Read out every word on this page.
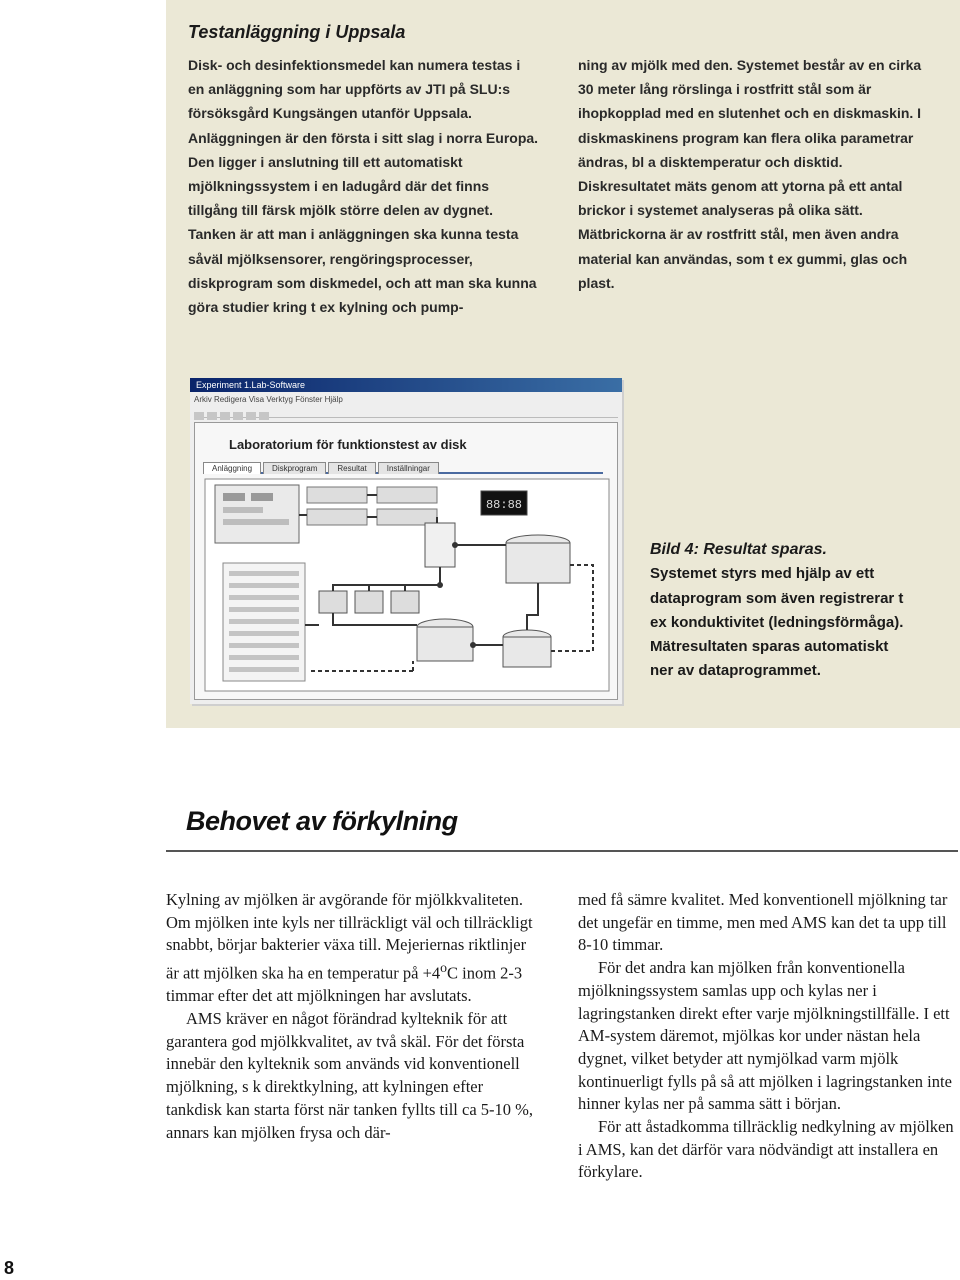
Testanläggning i Uppsala

Disk- och desinfektionsmedel kan numera testas i en anläggning som har uppförts av JTI på SLU:s försöksgård Kungsängen utanför Uppsala. Anläggningen är den första i sitt slag i norra Europa. Den ligger i anslutning till ett automatiskt mjölkningssystem i en ladugård där det finns tillgång till färsk mjölk större delen av dygnet. Tanken är att man i anläggningen ska kunna testa såväl mjölksensorer, rengöringsprocesser, diskprogram som diskmedel, och att man ska kunna göra studier kring t ex kylning och pump-

ning av mjölk med den. Systemet består av en cirka 30 meter lång rörslinga i rostfritt stål som är ihopkopplad med en slutenhet och en diskmaskin. I diskmaskinens program kan flera olika parametrar ändras, bl a disktemperatur och disktid. Diskresultatet mäts genom att ytorna på ett antal brickor i systemet analyseras på olika sätt. Mätbrickorna är av rostfritt stål, men även andra material kan användas, som t ex gummi, glas och plast.

Experiment 1.Lab-Software
Arkiv Redigera Visa Verktyg Fönster Hjälp
Laboratorium för funktionstest av disk
Anläggning	Diskprogram	Resultat	Inställningar
88:88

Bild 4: Resultat sparas.
Systemet styrs med hjälp av ett dataprogram som även registrerar t ex konduktivitet (ledningsförmåga). Mätresultaten sparas automatiskt ner av dataprogrammet.

Behovet av förkylning

Kylning av mjölken är avgörande för mjölkkvaliteten. Om mjölken inte kyls ner tillräckligt väl och tillräckligt snabbt, börjar bakterier växa till. Mejeriernas riktlinjer är att mjölken ska ha en temperatur på $+4^oC$ inom 2-3 timmar efter det att mjölkningen har avslutats.

AMS kräver en något förändrad kylteknik för att garantera god mjölkkvalitet, av två skäl. För det första innebär den kylteknik som används vid konventionell mjölkning, s k direktkylning, att kylningen efter tankdisk kan starta först när tanken fyllts till ca 5-10 %, annars kan mjölken frysa och där-

med få sämre kvalitet. Med konventionell mjölkning tar det ungefär en timme, men med AMS kan det ta upp till 8-10 timmar.

För det andra kan mjölken från konventionella mjölkningssystem samlas upp och kylas ner i lagringstanken direkt efter varje mjölkningstillfälle. I ett AM-system däremot, mjölkas kor under nästan hela dygnet, vilket betyder att nymjölkad varm mjölk kontinuerligt fylls på så att mjölken i lagringstanken inte hinner kylas ner på samma sätt i början.

För att åstadkomma tillräcklig nedkylning av mjölken i AMS, kan det därför vara nödvändigt att installera en förkylare.

8
